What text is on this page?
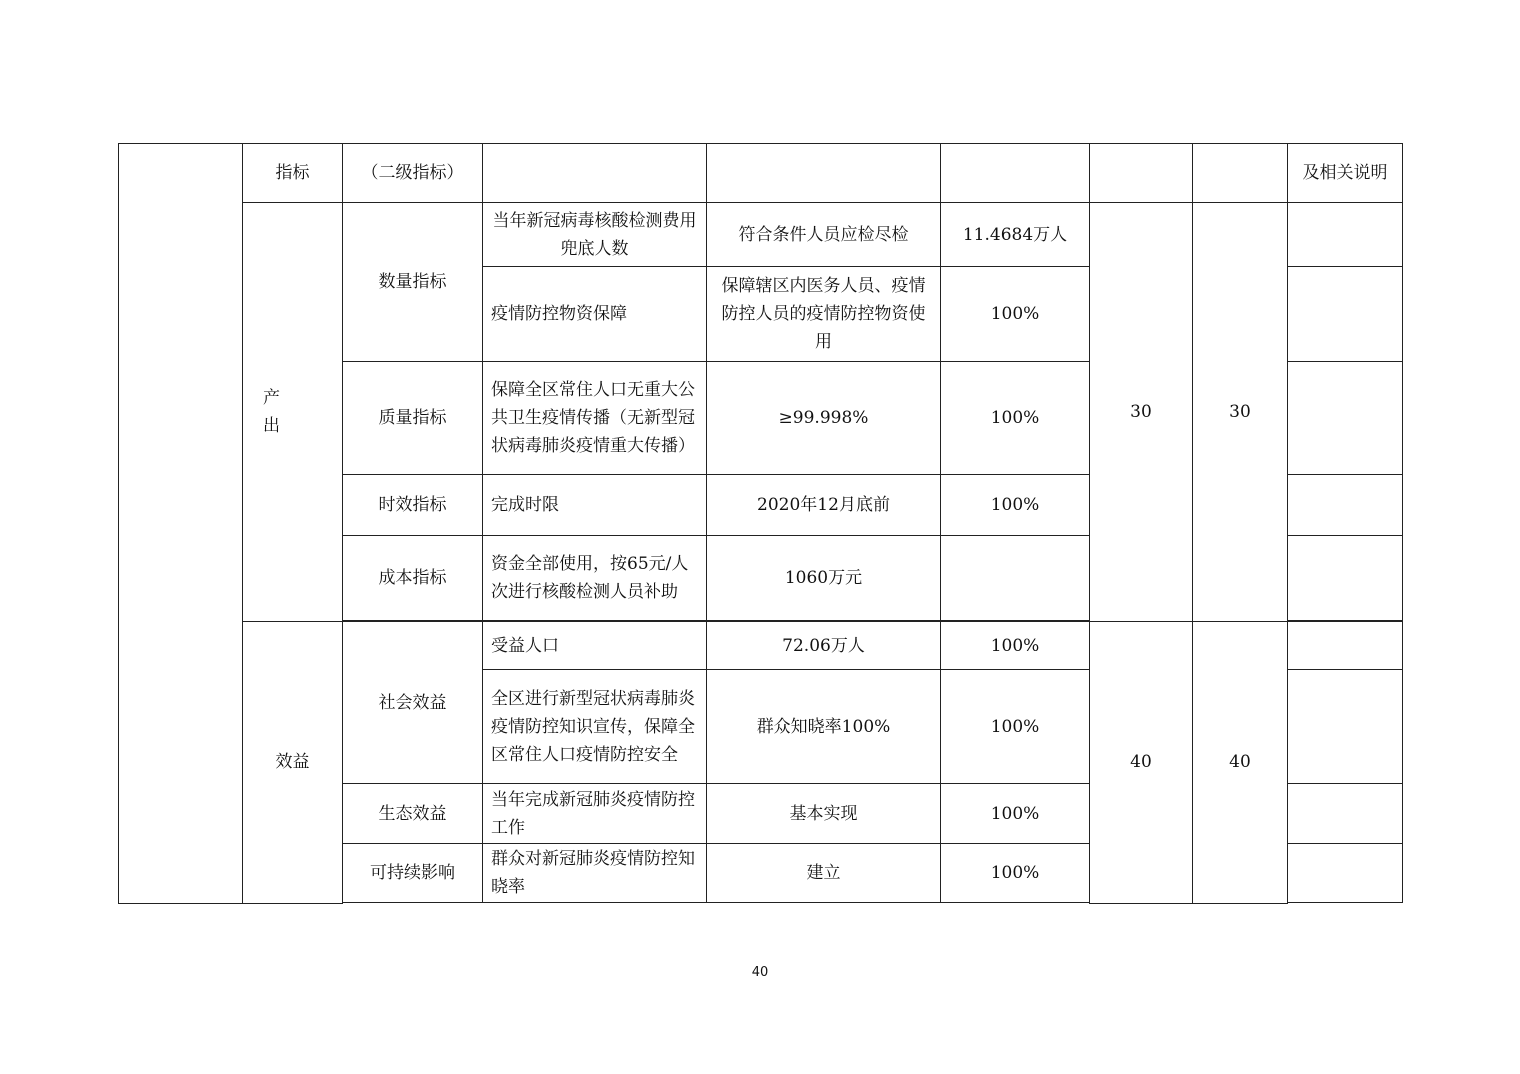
	指标	（二级指标）						及相关说明
	产出	数量指标	当年新冠病毒核酸检测费用兜底人数	符合条件人员应检尽检	11.4684万人	30	30	
			疫情防控物资保障	保障辖区内医务人员、疫情防控人员的疫情防控物资使用	100%			
		质量指标	保障全区常住人口无重大公共卫生疫情传播（无新型冠状病毒肺炎疫情重大传播）	≥99.998%	100%			
		时效指标	完成时限	2020年12月底前	100%			
		成本指标	资金全部使用，按65元/人次进行核酸检测人员补助	1060万元				

	效益	社会效益	受益人口	72.06万人	100%	40	40	
			全区进行新型冠状病毒肺炎疫情防控知识宣传，保障全区常住人口疫情防控安全	群众知晓率100%	100%			
		生态效益	当年完成新冠肺炎疫情防控工作	基本实现	100%			
		可持续影响	群众对新冠肺炎疫情防控知晓率	建立	100%			

40
